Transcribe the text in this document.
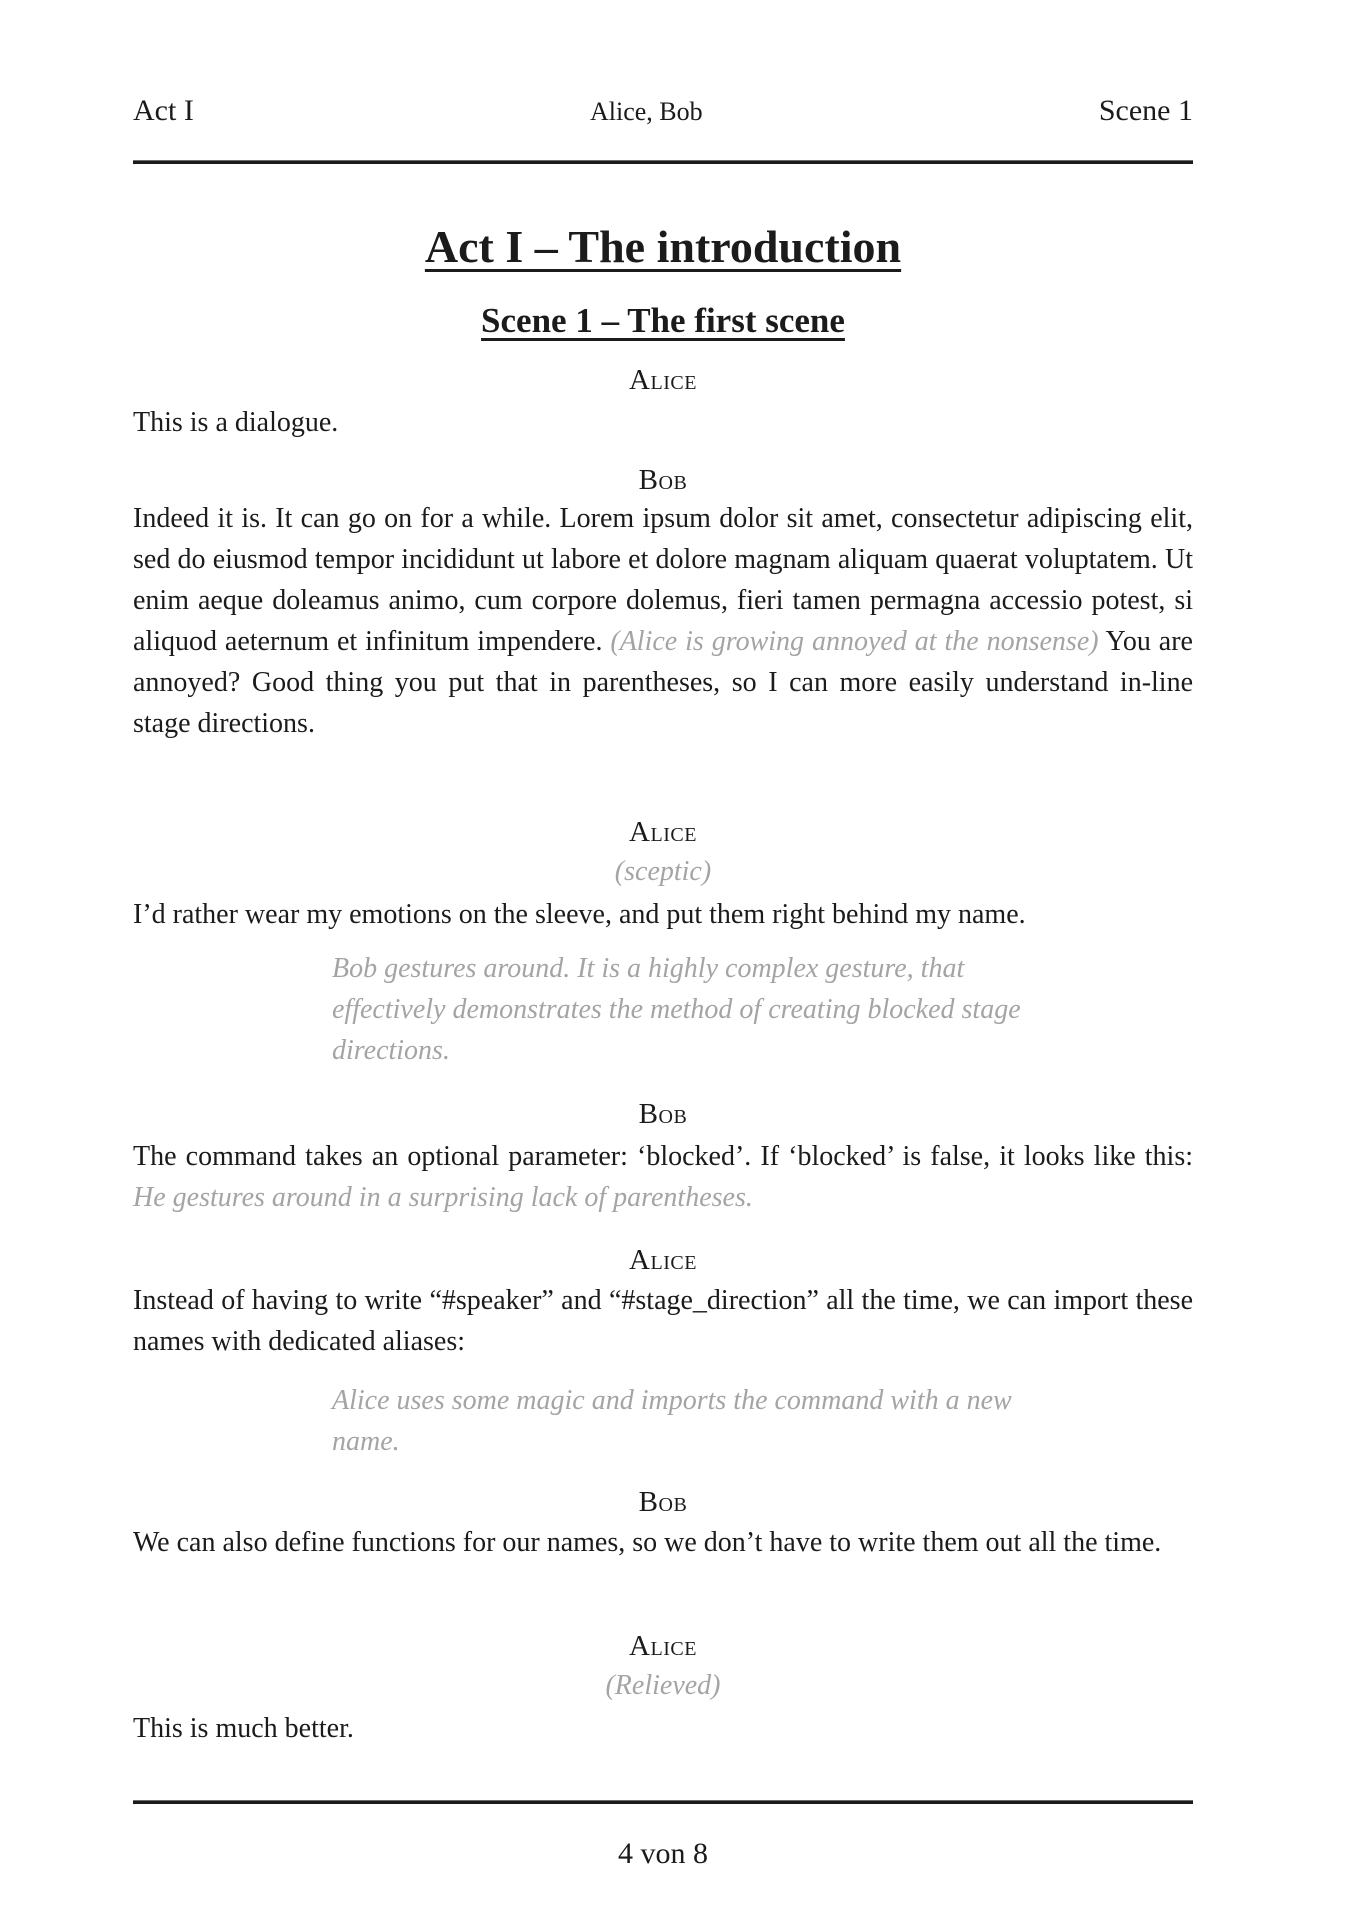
Act I	Alice, Bob	Scene 1
Act I – The introduction
Scene 1 – The first scene
Alice
This is a dialogue.
Bob
Indeed it is. It can go on for a while. Lorem ipsum dolor sit amet, consectetur adipiscing elit, sed do eiusmod tempor incididunt ut labore et dolore magnam aliquam quaerat voluptatem. Ut enim aeque doleamus animo, cum corpore dolemus, fieri tamen permagna accessio potest, si aliquod aeternum et infinitum impendere. (Alice is growing annoyed at the nonsense) You are annoyed? Good thing you put that in parentheses, so I can more easily understand in-line stage directions.
Alice
(sceptic)
I’d rather wear my emotions on the sleeve, and put them right behind my name.
Bob gestures around. It is a highly complex gesture, that effectively demonstrates the method of creating blocked stage directions.
Bob
The command takes an optional parameter: ‘blocked’. If ‘blocked’ is false, it looks like this: He gestures around in a surprising lack of parentheses.
Alice
Instead of having to write “#speaker” and “#stage_direction” all the time, we can import these names with dedicated aliases:
Alice uses some magic and imports the command with a new name.
Bob
We can also define functions for our names, so we don’t have to write them out all the time.
Alice
(Relieved)
This is much better.
4 von 8
